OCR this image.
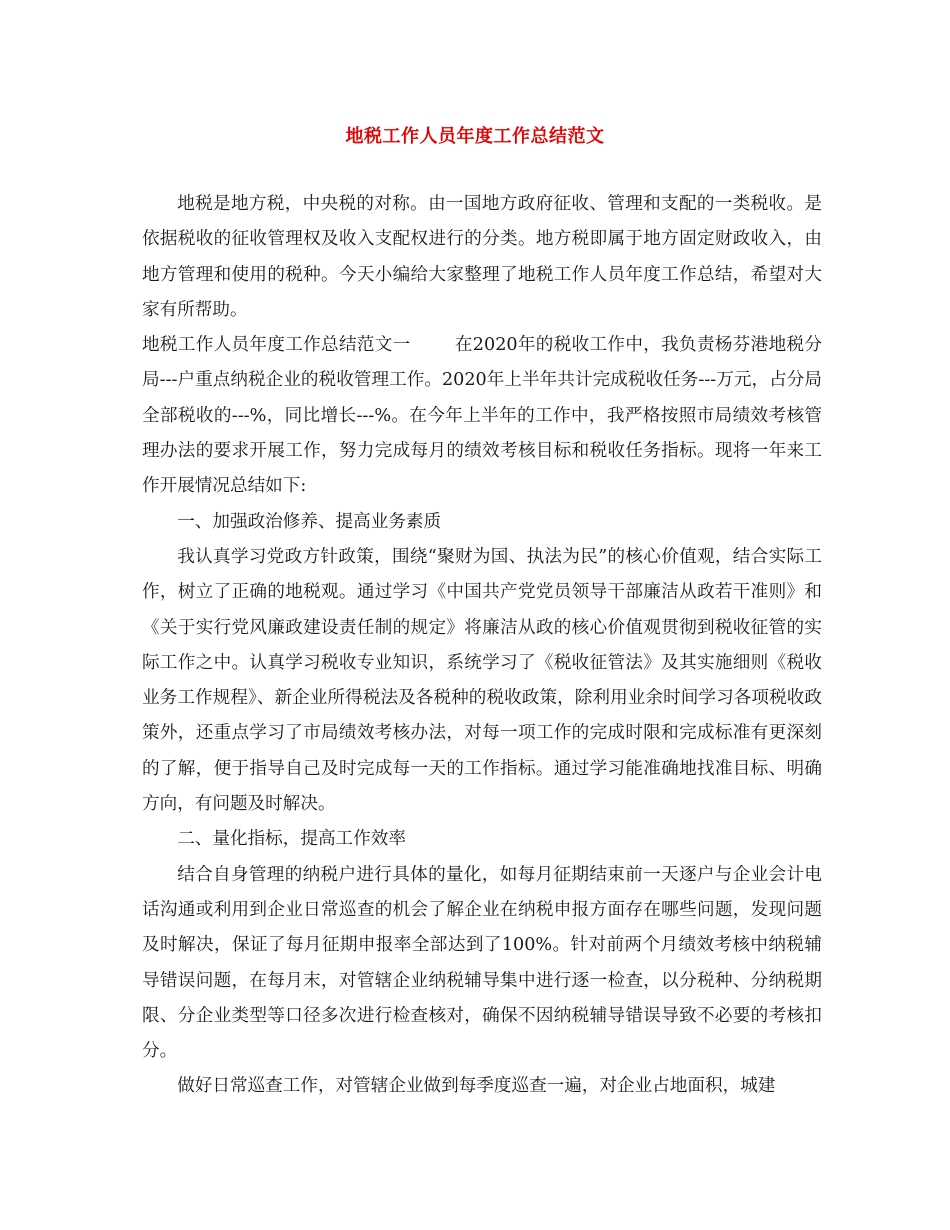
地税工作人员年度工作总结范文

地税是地方税，中央税的对称。由一国地方政府征收、管理和支配的一类税收。是依据税收的征收管理权及收入支配权进行的分类。地方税即属于地方固定财政收入，由地方管理和使用的税种。今天小编给大家整理了地税工作人员年度工作总结，希望对大家有所帮助。

地税工作人员年度工作总结范文一	在2020年的税收工作中，我负责杨芬港地税分局---户重点纳税企业的税收管理工作。2020年上半年共计完成税收任务---万元，占分局全部税收的---%，同比增长---%。在今年上半年的工作中，我严格按照市局绩效考核管理办法的要求开展工作，努力完成每月的绩效考核目标和税收任务指标。现将一年来工作开展情况总结如下:

一、加强政治修养、提高业务素质

我认真学习党政方针政策，围绕“聚财为国、执法为民”的核心价值观，结合实际工作，树立了正确的地税观。通过学习《中国共产党党员领导干部廉洁从政若干准则》和《关于实行党风廉政建设责任制的规定》将廉洁从政的核心价值观贯彻到税收征管的实际工作之中。认真学习税收专业知识，系统学习了《税收征管法》及其实施细则《税收业务工作规程》、新企业所得税法及各税种的税收政策，除利用业余时间学习各项税收政策外，还重点学习了市局绩效考核办法，对每一项工作的完成时限和完成标准有更深刻的了解，便于指导自己及时完成每一天的工作指标。通过学习能准确地找准目标、明确方向，有问题及时解决。

二、量化指标，提高工作效率

结合自身管理的纳税户进行具体的量化，如每月征期结束前一天逐户与企业会计电话沟通或利用到企业日常巡查的机会了解企业在纳税申报方面存在哪些问题，发现问题及时解决，保证了每月征期申报率全部达到了100%。针对前两个月绩效考核中纳税辅导错误问题，在每月末，对管辖企业纳税辅导集中进行逐一检查，以分税种、分纳税期限、分企业类型等口径多次进行检查核对，确保不因纳税辅导错误导致不必要的考核扣分。

做好日常巡查工作，对管辖企业做到每季度巡查一遍，对企业占地面积，城建
